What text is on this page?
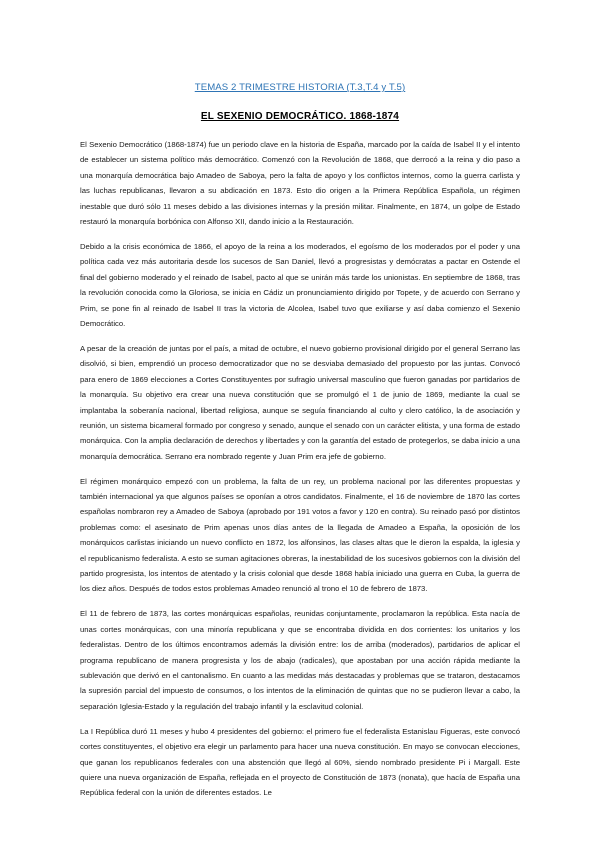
TEMAS 2 TRIMESTRE HISTORIA (T.3,T.4 y T.5)
EL SEXENIO DEMOCRÁTICO. 1868-1874

El Sexenio Democrático (1868-1874) fue un periodo clave en la historia de España, marcado por la caída de Isabel II y el intento de establecer un sistema político más democrático. Comenzó con la Revolución de 1868, que derrocó a la reina y dio paso a una monarquía democrática bajo Amadeo de Saboya, pero la falta de apoyo y los conflictos internos, como la guerra carlista y las luchas republicanas, llevaron a su abdicación en 1873. Esto dio origen a la Primera República Española, un régimen inestable que duró sólo 11 meses debido a las divisiones internas y la presión militar. Finalmente, en 1874, un golpe de Estado restauró la monarquía borbónica con Alfonso XII, dando inicio a la Restauración.

Debido a la crisis económica de 1866, el apoyo de la reina a los moderados, el egoísmo de los moderados por el poder y una política cada vez más autoritaria desde los sucesos de San Daniel, llevó a progresistas y demócratas a pactar en Ostende el final del gobierno moderado y el reinado de Isabel, pacto al que se unirán más tarde los unionistas. En septiembre de 1868, tras la revolución conocida como la Gloriosa, se inicia en Cádiz un pronunciamiento dirigido por Topete, y de acuerdo con Serrano y Prim, se pone fin al reinado de Isabel II tras la victoria de Alcolea, Isabel tuvo que exiliarse y así daba comienzo el Sexenio Democrático.

A pesar de la creación de juntas por el país, a mitad de octubre, el nuevo gobierno provisional dirigido por el general Serrano las disolvió, si bien, emprendió un proceso democratizador que no se desviaba demasiado del propuesto por las juntas. Convocó para enero de 1869 elecciones a Cortes Constituyentes por sufragio universal masculino que fueron ganadas por partidarios de la monarquía. Su objetivo era crear una nueva constitución que se promulgó el 1 de junio de 1869, mediante la cual se implantaba la soberanía nacional, libertad religiosa, aunque se seguía financiando al culto y clero católico, la de asociación y reunión, un sistema bicameral formado por congreso y senado, aunque el senado con un carácter elitista, y una forma de estado monárquica. Con la amplia declaración de derechos y libertades y con la garantía del estado de protegerlos, se daba inicio a una monarquía democrática. Serrano era nombrado regente y Juan Prim era jefe de gobierno.

El régimen monárquico empezó con un problema, la falta de un rey, un problema nacional por las diferentes propuestas y también internacional ya que algunos países se oponían a otros candidatos. Finalmente, el 16 de noviembre de 1870 las cortes españolas nombraron rey a Amadeo de Saboya (aprobado por 191 votos a favor y 120 en contra). Su reinado pasó por distintos problemas como: el asesinato de Prim apenas unos días antes de la llegada de Amadeo a España, la oposición de los monárquicos carlistas iniciando un nuevo conflicto en 1872, los alfonsinos, las clases altas que le dieron la espalda, la iglesia y el republicanismo federalista. A esto se suman agitaciones obreras, la inestabilidad de los sucesivos gobiernos con la división del partido progresista, los intentos de atentado y la crisis colonial que desde 1868 había iniciado una guerra en Cuba, la guerra de los diez años. Después de todos estos problemas Amadeo renunció al trono el 10 de febrero de 1873.

El 11 de febrero de 1873, las cortes monárquicas españolas, reunidas conjuntamente, proclamaron la república. Esta nacía de unas cortes monárquicas, con una minoría republicana y que se encontraba dividida en dos corrientes: los unitarios y los federalistas. Dentro de los últimos encontramos además la división entre: los de arriba (moderados), partidarios de aplicar el programa republicano de manera progresista y los de abajo (radicales), que apostaban por una acción rápida mediante la sublevación que derivó en el cantonalismo. En cuanto a las medidas más destacadas y problemas que se trataron, destacamos la supresión parcial del impuesto de consumos, o los intentos de la eliminación de quintas que no se pudieron llevar a cabo, la separación Iglesia-Estado y la regulación del trabajo infantil y la esclavitud colonial.

La I República duró 11 meses y hubo 4 presidentes del gobierno: el primero fue el federalista Estanislau Figueras, este convocó cortes constituyentes, el objetivo era elegir un parlamento para hacer una nueva constitución. En mayo se convocan elecciones, que ganan los republicanos federales con una abstención que llegó al 60%, siendo nombrado presidente Pi i Margall. Este quiere una nueva organización de España, reflejada en el proyecto de Constitución de 1873 (nonata), que hacía de España una República federal con la unión de diferentes estados. Le
